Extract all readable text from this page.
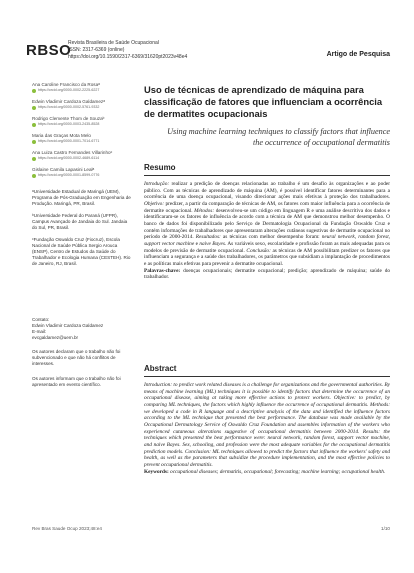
RBSO
Revista Brasileira de Saúde Ocupacional
ISSN: 2317-6369 (online)
https://doi.org/10.1590/2317-6369/31620pt2023v48e4	Artigo de Pesquisa
Ana Caroline Francisco da Rosaᵃ
https://orcid.org/0000-0002-2225-6227
Edwin Vladimir Cardoza Galdamezᵃ
https://orcid.org/0000-0002-5761-9332
Rodrigo Clemente Thom de Souzaᵇ
https://orcid.org/0000-0003-2435-8528
Maria das Graças Mota Melo
https://orcid.org/0000-0001-7014-6771
Ana Luiza Castro Fernandes Villarinhoᶜ
https://orcid.org/0000-0002-4689-6114
Gislaine Camila Lapasini Lealᵃ
https://orcid.org/0000-0001-8599-0776
ᵃUniversidade Estadual de Maringá (UEM), Programa de Pós-Graduação em Engenharia de Produção. Maringá, PR, Brasil.
ᵇUniversidade Federal do Paraná (UFPR), Campus Avançado de Jandaia do Sul. Jandaia do Sul, PR, Brasil.
ᶜFundação Oswaldo Cruz (Fiocruz), Escola Nacional de Saúde Pública Sergio Arouca (ENSP), Centro de Estudos da Saúde do Trabalhador e Ecologia Humana (CESTEH). Rio de Janeiro, RJ, Brasil.
Contato:
Edwin Vladimir Cardoza Galdamez
E-mail:
evcgaldamez@uem.br
Os autores declaram que o trabalho não foi subvencionado e que não há conflitos de interesses.
Os autores informam que o trabalho não foi apresentado em evento científico.
Uso de técnicas de aprendizado de máquina para classificação de fatores que influenciam a ocorrência de dermatites ocupacionais
Using machine learning techniques to classify factors that influence the occurrence of occupational dermatitis
Resumo
Introdução: realizar a predição de doenças relacionadas ao trabalho é um desafio às organizações e ao poder público. Com as técnicas de aprendizado de máquina (AM), é possível identificar fatores determinantes para a ocorrência de uma doença ocupacional, visando direcionar ações mais efetivas à proteção dos trabalhadores. Objetivo: predizer, a partir da comparação de técnicas de AM, os fatores com maior influência para a ocorrência de dermatite ocupacional. Métodos: desenvolveu-se um código em linguagem R e uma análise descritiva dos dados e identificaram-se os fatores de influência de acordo com a técnica de AM que demonstrou melhor desempenho. O banco de dados foi disponibilizado pelo Serviço de Dermatologia Ocupacional da Fundação Oswaldo Cruz e contém informações de trabalhadores que apresentaram alterações cutâneas sugestivas de dermatite ocupacional no período de 2000-2014. Resultados: as técnicas com melhor desempenho foram: neural network, random forest, support vector machine e naive Bayes. As variáveis sexo, escolaridade e profissão foram as mais adequadas para os modelos de previsão de dermatite ocupacional. Conclusão: as técnicas de AM possibilitam predizer os fatores que influenciam a segurança e a saúde dos trabalhadores, os parâmetros que subsidiam a implantação de procedimentos e as políticas mais efetivas para prevenir a dermatite ocupacional.
Palavras-chave: doenças ocupacionais; dermatite ocupacional; predição; aprendizado de máquina; saúde do trabalhador.
Abstract
Introduction: to predict work related diseases is a challenge for organizations and the governmental authorities. By means of machine learning (ML) techniques it is possible to identify factors that determine the occurrence of an occupational disease, aiming at taking more effective actions to protect workers. Objective: to predict, by comparing ML techniques, the factors which highly influence the occurrence of occupational dermatitis. Methods: we developed a code in R language and a descriptive analysis of the data and identified the influence factors according to the ML technique that presented the best performance. The database was made available by the Occupational Dermatology Service of Oswaldo Cruz Foundation and assembles information of the workers who experienced cutaneous alterations suggestive of occupational dermatitis between 2000-2014. Results: the techniques which presented the best performance were: neural network, random forest, support vector machine, and naive Bayes. Sex, schooling, and profession were the most adequate variables for the occupational dermatitis prediction models. Conclusion: ML techniques allowed to predict the factors that influence the workers' safety and health, as well as the parameters that subsidize the procedure implementation, and the most effective policies to prevent occupational dermatitis.
Keywords: occupational diseases; dermatitis, occupational; forecasting; machine learning; occupational health.
Rev Bras Saude Ocup 2023;48:e4	1/10
